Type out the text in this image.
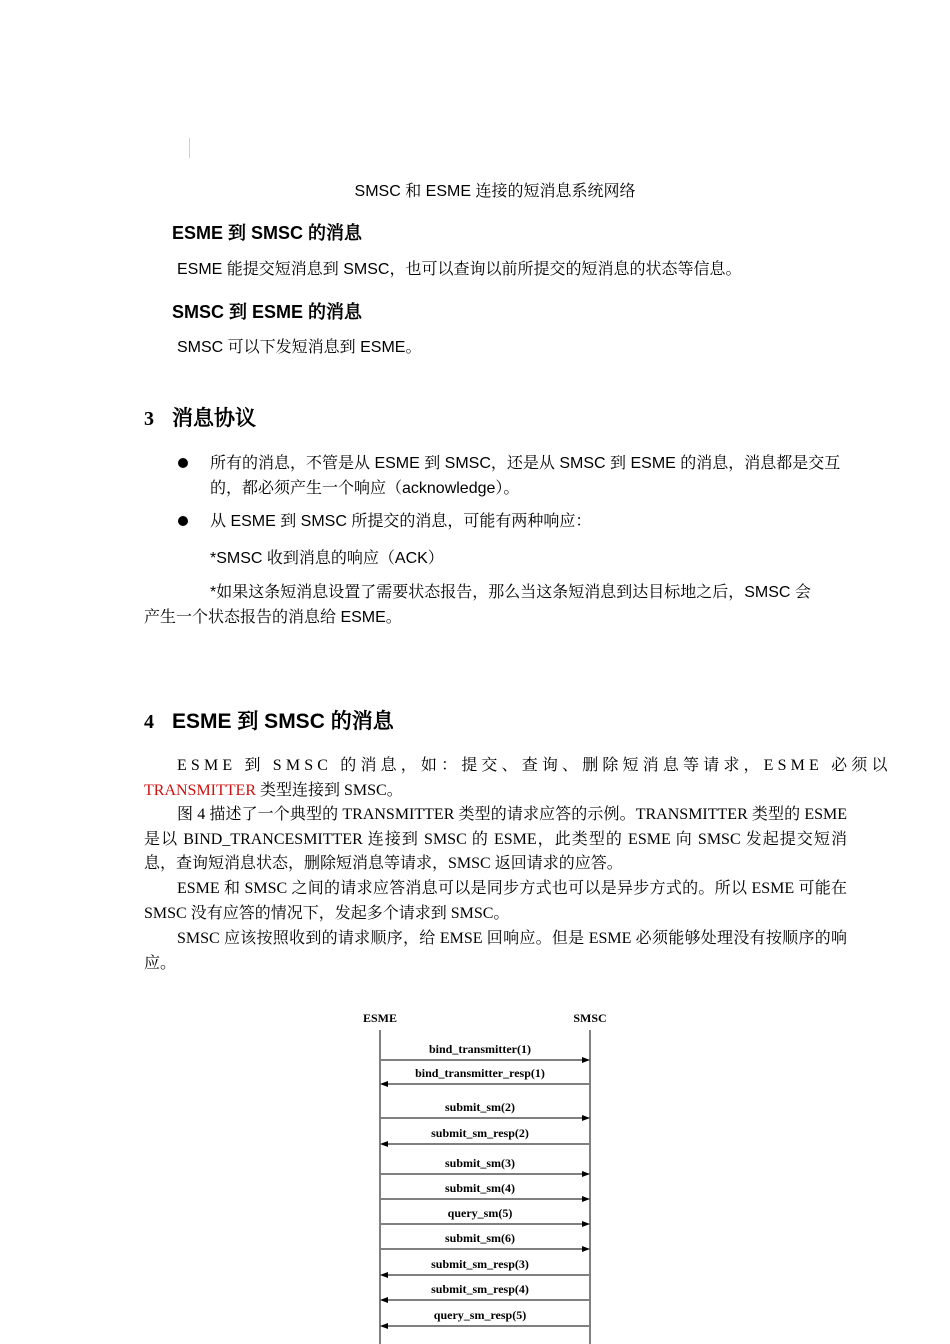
SMSC 和 ESME 连接的短消息系统网络
ESME 到 SMSC 的消息
ESME 能提交短消息到 SMSC，也可以查询以前所提交的短消息的状态等信息。
SMSC 到 ESME 的消息
SMSC 可以下发短消息到 ESME。
3 消息协议
所有的消息，不管是从 ESME 到 SMSC，还是从 SMSC 到 ESME 的消息，消息都是交互的，都必须产生一个响应（acknowledge）。
从 ESME 到 SMSC 所提交的消息，可能有两种响应：
*SMSC 收到消息的响应（ACK）
*如果这条短消息设置了需要状态报告，那么当这条短消息到达目标地之后，SMSC 会
产生一个状态报告的消息给 ESME。
4 ESME 到 SMSC 的消息
ESME 到 SMSC 的消息，如：提交、查询、删除短消息等请求，ESME 必须以
TRANSMITTER 类型连接到 SMSC。
图 4 描述了一个典型的 TRANSMITTER 类型的请求应答的示例。TRANSMITTER 类型的 ESME 是以 BIND_TRANCESMITTER 连接到 SMSC 的 ESME，此类型的 ESME 向 SMSC 发起提交短消息，查询短消息状态，删除短消息等请求，SMSC 返回请求的应答。
ESME 和 SMSC 之间的请求应答消息可以是同步方式也可以是异步方式的。所以 ESME 可能在 SMSC 没有应答的情况下，发起多个请求到 SMSC。
SMSC 应该按照收到的请求顺序，给 EMSE 回响应。但是 ESME 必须能够处理没有按顺序的响应。
ESME	SMSC
bind_transmitter(1)
bind_transmitter_resp(1)
submit_sm(2)
submit_sm_resp(2)
submit_sm(3)
submit_sm(4)
query_sm(5)
submit_sm(6)
submit_sm_resp(3)
submit_sm_resp(4)
query_sm_resp(5)
